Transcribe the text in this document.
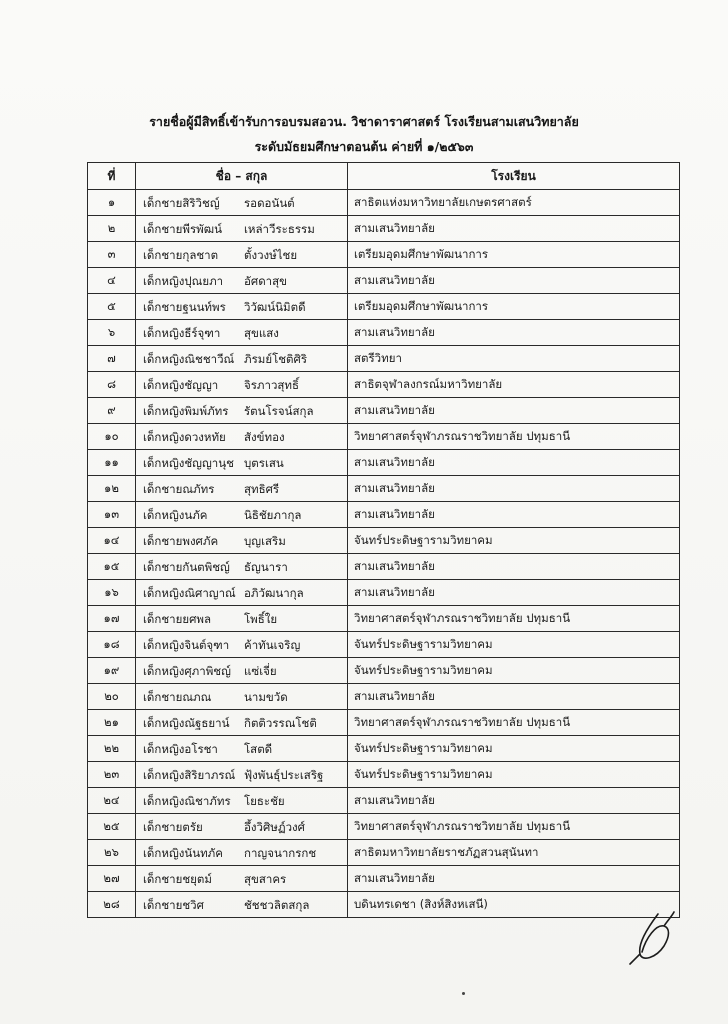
รายชื่อผู้มีสิทธิ์เข้ารับการอบรมสอวน. วิชาดาราศาสตร์ โรงเรียนสามเสนวิทยาลัย
ระดับมัธยมศึกษาตอนต้น ค่ายที่ ๑/๒๕๖๓
ที่	ชื่อ – สกุล	โรงเรียน
๑	เด็กชายสิริวิชญ์ รอดอนันต์	สาธิตแห่งมหาวิทยาลัยเกษตรศาสตร์
๒	เด็กชายพีรพัฒน์ เหล่าวีระธรรม	สามเสนวิทยาลัย
๓	เด็กชายกุลชาต ตั้งวงษ์ไชย	เตรียมอุดมศึกษาพัฒนาการ
๔	เด็กหญิงปุณยภา อัศดาสุข	สามเสนวิทยาลัย
๕	เด็กชายฐนนท์พร วิวัฒน์นิมิตดี	เตรียมอุดมศึกษาพัฒนาการ
๖	เด็กหญิงธีร์จุฑา สุขแสง	สามเสนวิทยาลัย
๗	เด็กหญิงณิชชาวีณ์ ภิรมย์โชติศิริ	สตรีวิทยา
๘	เด็กหญิงชัญญา จิรภาวสุทธิ์	สาธิตจุฬาลงกรณ์มหาวิทยาลัย
๙	เด็กหญิงพิมพ์ภัทร รัตนโรจน์สกุล	สามเสนวิทยาลัย
๑๐	เด็กหญิงดวงหทัย สังข์ทอง	วิทยาศาสตร์จุฬาภรณราชวิทยาลัย ปทุมธานี
๑๑	เด็กหญิงชัญญานุช บุตรเสน	สามเสนวิทยาลัย
๑๒	เด็กชายณภัทร สุทธิศรี	สามเสนวิทยาลัย
๑๓	เด็กหญิงนภัค นิธิชัยภากุล	สามเสนวิทยาลัย
๑๔	เด็กชายพงศภัค บุญเสริม	จันทร์ประดิษฐารามวิทยาคม
๑๕	เด็กชายกันตพิชญ์ ธัญนารา	สามเสนวิทยาลัย
๑๖	เด็กหญิงณิศาญาณ์ อภิวัฒนากุล	สามเสนวิทยาลัย
๑๗	เด็กชายยศพล โพธิ์ใย	วิทยาศาสตร์จุฬาภรณราชวิทยาลัย ปทุมธานี
๑๘	เด็กหญิงจินต์จุฑา ค้าทันเจริญ	จันทร์ประดิษฐารามวิทยาคม
๑๙	เด็กหญิงศุภาพิชญ์ แซ่เจี่ย	จันทร์ประดิษฐารามวิทยาคม
๒๐	เด็กชายณภณ นามขวัด	สามเสนวิทยาลัย
๒๑	เด็กหญิงณัฐธยาน์ กิตติวรรณโชติ	วิทยาศาสตร์จุฬาภรณราชวิทยาลัย ปทุมธานี
๒๒	เด็กหญิงอโรชา โสตดี	จันทร์ประดิษฐารามวิทยาคม
๒๓	เด็กหญิงสิริยาภรณ์ ฟุ้งพันธุ์ประเสริฐ	จันทร์ประดิษฐารามวิทยาคม
๒๔	เด็กหญิงณิชาภัทร โยธะชัย	สามเสนวิทยาลัย
๒๕	เด็กชายตรัย อึ้งวิศิษฏ์วงศ์	วิทยาศาสตร์จุฬาภรณราชวิทยาลัย ปทุมธานี
๒๖	เด็กหญิงนันทภัค กาญจนากรกช	สาธิตมหาวิทยาลัยราชภัฏสวนสุนันทา
๒๗	เด็กชายชยุตม์ สุขสาคร	สามเสนวิทยาลัย
๒๘	เด็กชายชวิศ ชัชชวลิตสกุล	บดินทรเดชา (สิงห์สิงหเสนี)
